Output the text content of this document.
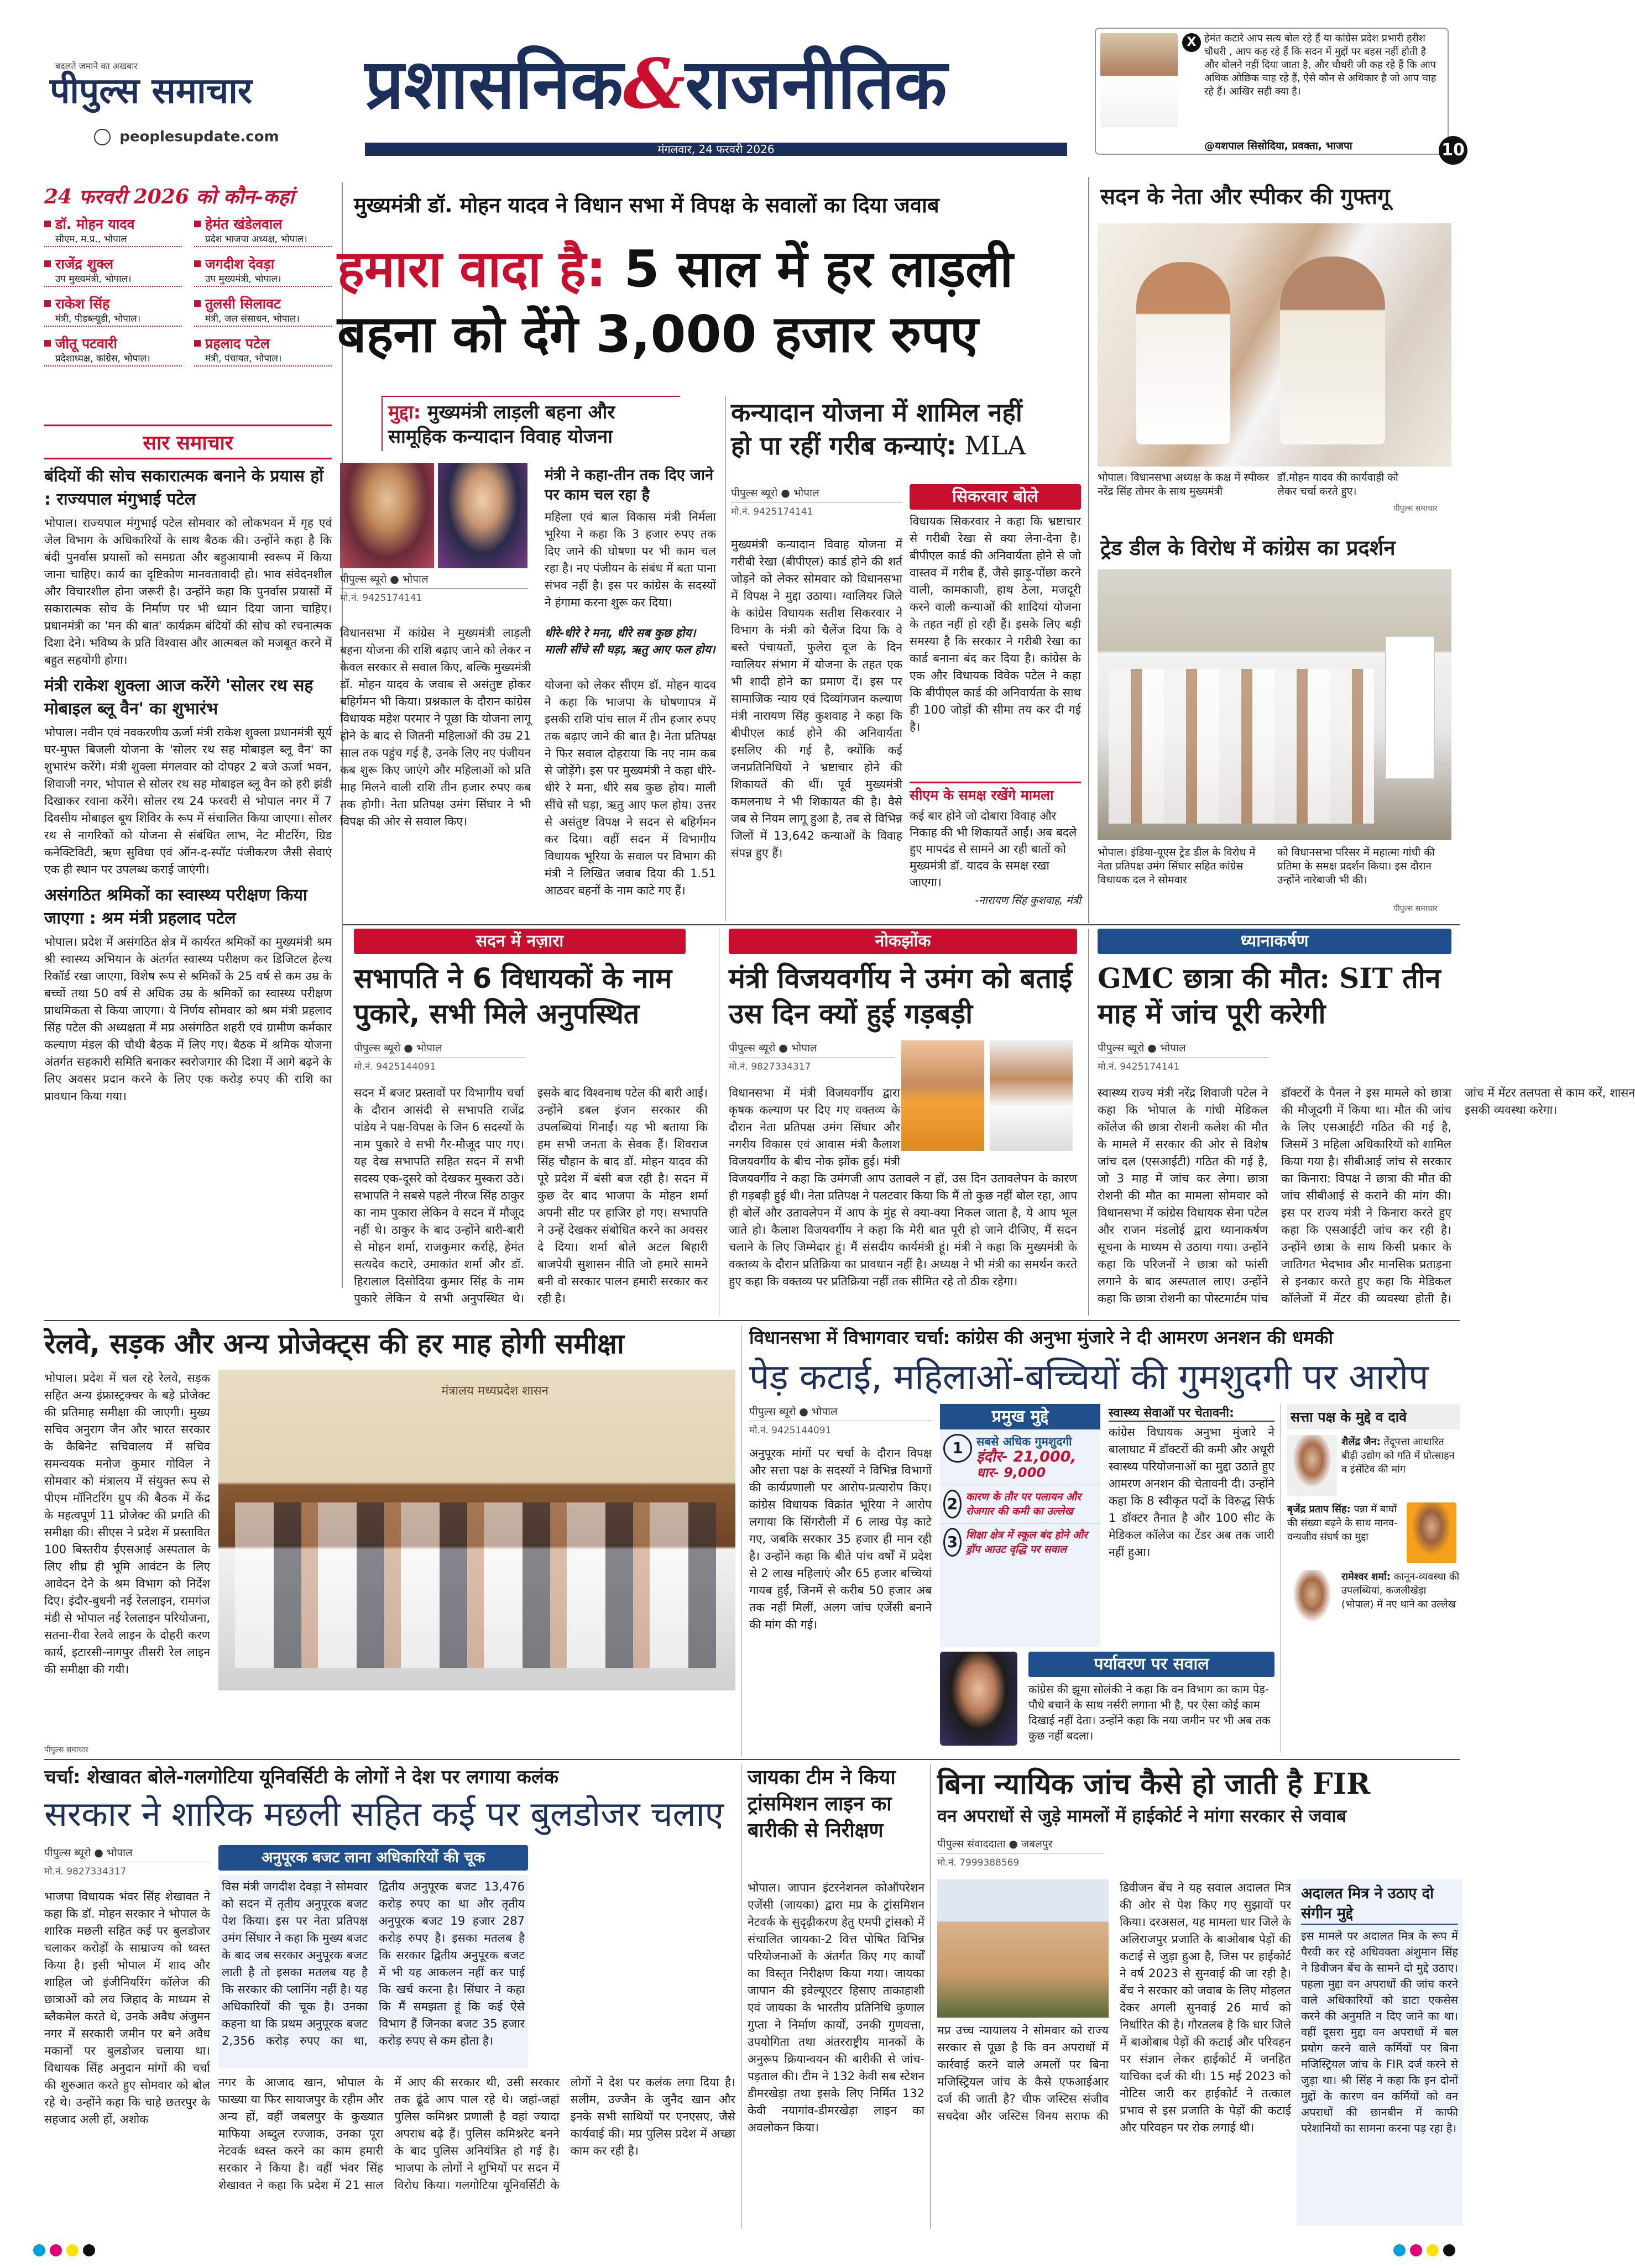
बदलते जमाने का अखबार
पीपुल्स समाचार प्रशासनिक&राजनीतिक
peoplesupdate.com
मंगलवार, 24 फरवरी 2026
X हेमंत कटारे आप सत्य बोल रहे हैं या कांग्रेस प्रदेश प्रभारी हरीश चौधरी , आप कह रहे हैं कि सदन में मुद्दों पर बहस नहीं होती है और बोलने नहीं दिया जाता है, और चौधरी जी कह रहे हैं कि आप अधिक ओछिक चाह रहे हैं, ऐसे कौन से अधिकार है जो आप चाह रहे हैं। आखिर सही क्या है।
@यशपाल सिसोदिया, प्रवक्ता, भाजपा	10
24 फरवरी 2026 को कौन-कहां
डॉ. मोहन यादव
सीएम, म.प्र., भोपाल
हेमंत खंडेलवाल
प्रदेश भाजपा अध्यक्ष, भोपाल।
राजेंद्र शुक्ल
उप मुख्यमंत्री, भोपाल।
जगदीश देवड़ा
उप मुख्यमंत्री, भोपाल।
राकेश सिंह
मंत्री, पीडब्ल्यूडी, भोपाल।
तुलसी सिलावट
मंत्री, जल संसाधन, भोपाल।
जीतू पटवारी
प्रदेशाध्यक्ष, कांग्रेस, भोपाल।
प्रहलाद पटेल
मंत्री, पंचायत, भोपाल।
सार समाचार
बंदियों की सोच सकारात्मक बनाने के प्रयास हों : राज्यपाल मंगुभाई पटेल
भोपाल। राज्यपाल मंगुभाई पटेल सोमवार को लोकभवन में गृह एवं जेल विभाग के अधिकारियों के साथ बैठक की। उन्होंने कहा है कि बंदी पुनर्वास प्रयासों को समग्रता और बहुआयामी स्वरूप में किया जाना चाहिए। कार्य का दृष्टिकोण मानवतावादी हो। भाव संवेदनशील और विचारशील होना जरूरी है। उन्होंने कहा कि पुनर्वास प्रयासों में सकारात्मक सोच के निर्माण पर भी ध्यान दिया जाना चाहिए। प्रधानमंत्री का 'मन की बात' कार्यक्रम बंदियों की सोच को रचनात्मक दिशा देने। भविष्य के प्रति विश्वास और आत्मबल को मजबूत करने में बहुत सहयोगी होगा।
मंत्री राकेश शुक्ला आज करेंगे 'सोलर रथ सह मोबाइल ब्लू वैन' का शुभारंभ
भोपाल। नवीन एवं नवकरणीय ऊर्जा मंत्री राकेश शुक्ला प्रधानमंत्री सूर्य घर-मुफ्त बिजली योजना के 'सोलर रथ सह मोबाइल ब्लू वैन' का शुभारंभ करेंगे। मंत्री शुक्ला मंगलवार को दोपहर 2 बजे ऊर्जा भवन, शिवाजी नगर, भोपाल से सोलर रथ सह मोबाइल ब्लू वैन को हरी झंडी दिखाकर रवाना करेंगे। सोलर रथ 24 फरवरी से भोपाल नगर में 7 दिवसीय मोबाइल बूथ शिविर के रूप में संचालित किया जाएगा। सोलर रथ से नागरिकों को योजना से संबंधित लाभ, नेट मीटरिंग, ग्रिड कनेक्टिविटी, ऋण सुविधा एवं ऑन-द-स्पॉट पंजीकरण जैसी सेवाएं एक ही स्थान पर उपलब्ध कराई जाएंगी।
असंगठित श्रमिकों का स्वास्थ्य परीक्षण किया जाएगा : श्रम मंत्री प्रहलाद पटेल
भोपाल। प्रदेश में असंगठित क्षेत्र में कार्यरत श्रमिकों का मुख्यमंत्री श्रम श्री स्वास्थ्य अभियान के अंतर्गत स्वास्थ्य परीक्षण कर डिजिटल हेल्थ रिकॉर्ड रखा जाएगा, विशेष रूप से श्रमिकों के 25 वर्ष से कम उम्र के बच्चों तथा 50 वर्ष से अधिक उम्र के श्रमिकों का स्वास्थ्य परीक्षण प्राथमिकता से किया जाएगा। ये निर्णय सोमवार को श्रम मंत्री प्रहलाद सिंह पटेल की अध्यक्षता में मप्र असंगठित शहरी एवं ग्रामीण कर्मकार कल्याण मंडल की चौथी बैठक में लिए गए। बैठक में श्रमिक योजना अंतर्गत सहकारी समिति बनाकर स्वरोजगार की दिशा में आगे बढ़ने के लिए अवसर प्रदान करने के लिए एक करोड़ रुपए की राशि का प्रावधान किया गया।
मुख्यमंत्री डॉ. मोहन यादव ने विधान सभा में विपक्ष के सवालों का दिया जवाब
हमारा वादा है: 5 साल में हर लाड़ली बहना को देंगे 3,000 हजार रुपए
मुद्दा: मुख्यमंत्री लाड़ली बहना और सामूहिक कन्यादान विवाह योजना
पीपुल्स ब्यूरो ● भोपाल
मो.नं. 9425174141
विधानसभा में कांग्रेस ने मुख्यमंत्री लाड़ली बहना योजना की राशि बढ़ाए जाने को लेकर न केवल सरकार से सवाल किए, बल्कि मुख्यमंत्री डॉ. मोहन यादव के जवाब से असंतुष्ट होकर बहिर्गमन भी किया। प्रश्नकाल के दौरान कांग्रेस विधायक महेश परमार ने पूछा कि योजना लागू होने के बाद से जितनी महिलाओं की उम्र 21 साल तक पहुंच गई है, उनके लिए नए पंजीयन कब शुरू किए जाएंगे और महिलाओं को प्रति माह मिलने वाली राशि तीन हजार रुपए कब तक होगी। नेता प्रतिपक्ष उमंग सिंघार ने भी विपक्ष की ओर से सवाल किए।
मंत्री ने कहा-तीन तक दिए जाने पर काम चल रहा है
महिला एवं बाल विकास मंत्री निर्मला भूरिया ने कहा कि 3 हजार रुपए तक दिए जाने की घोषणा पर भी काम चल रहा है। नए पंजीयन के संबंध में बता पाना संभव नहीं है। इस पर कांग्रेस के सदस्यों ने हंगामा करना शुरू कर दिया।
धीरे-धीरे रे मना, धीरे सब कुछ होय। माली सींचे सौ घड़ा, ऋतु आए फल होय।
योजना को लेकर सीएम डॉ. मोहन यादव ने कहा कि भाजपा के घोषणापत्र में इसकी राशि पांच साल में तीन हजार रुपए तक बढ़ाए जाने की बात है। नेता प्रतिपक्ष ने फिर सवाल दोहराया कि नए नाम कब से जोड़ेंगे। इस पर मुख्यमंत्री ने कहा धीरे-धीरे रे मना, धीरे सब कुछ होय। माली सींचे सौ घड़ा, ऋतु आए फल होय। उत्तर से असंतुष्ट विपक्ष ने सदन से बहिर्गमन कर दिया। वहीं सदन में विभागीय विधायक भूरिया के सवाल पर विभाग की मंत्री ने लिखित जवाब दिया की 1.51 आठवर बहनों के नाम काटे गए हैं।
कन्यादान योजना में शामिल नहीं
हो पा रहीं गरीब कन्याएं: MLA
पीपुल्स ब्यूरो ● भोपाल
मो.नं. 9425174141
मुख्यमंत्री कन्यादान विवाह योजना में गरीबी रेखा (बीपीएल) कार्ड होने की शर्त जोड़ने को लेकर सोमवार को विधानसभा में विपक्ष ने मुद्दा उठाया। ग्वालियर जिले के कांग्रेस विधायक सतीश सिकरवार ने विभाग के मंत्री को चैलेंज दिया कि वे बस्ते पंचायतों, फुलेरा दूज के दिन ग्वालियर संभाग में योजना के तहत एक भी शादी होने का प्रमाण दें। इस पर सामाजिक न्याय एवं दिव्यांगजन कल्याण मंत्री नारायण सिंह कुशवाह ने कहा कि बीपीएल कार्ड होने की अनिवार्यता इसलिए की गई है, क्योंकि कई जनप्रतिनिधियों ने भ्रष्टाचार होने की शिकायतें की थीं। पूर्व मुख्यमंत्री कमलनाथ ने भी शिकायत की है। वैसे जब से नियम लागू हुआ है, तब से विभिन्न जिलों में 13,642 कन्याओं के विवाह संपन्न हुए हैं।
सिकरवार बोले
विधायक सिकरवार ने कहा कि भ्रष्टाचार से गरीबी रेखा से क्या लेना-देना है। बीपीएल कार्ड की अनिवार्यता होने से जो वास्तव में गरीब हैं, जैसे झाड़ू-पोंछा करने वाली, कामकाजी, हाथ ठेला, मजदूरी करने वाली कन्याओं की शादियां योजना के तहत नहीं हो रही हैं। इसके लिए बड़ी समस्या है कि सरकार ने गरीबी रेखा का कार्ड बनाना बंद कर दिया है। कांग्रेस के एक और विधायक विवेक पटेल ने कहा कि बीपीएल कार्ड की अनिवार्यता के साथ ही 100 जोड़ों की सीमा तय कर दी गई है।
सीएम के समक्ष रखेंगे मामला
कई बार होने जो दोबारा विवाह और निकाह की भी शिकायतें आईं। अब बदले हुए मापदंड से सामने आ रही बातों को मुख्यमंत्री डॉ. यादव के समक्ष रखा जाएगा।
-नारायण सिंह कुशवाह, मंत्री
सदन के नेता और स्पीकर की गुफ्तगू
भोपाल। विधानसभा अध्यक्ष के कक्ष में स्पीकर नरेंद्र सिंह तोमर के साथ मुख्यमंत्री
डॉ.मोहन यादव की कार्यवाही को लेकर चर्चा करते हुए।
पीपुल्स समाचार
ट्रेड डील के विरोध में कांग्रेस का प्रदर्शन
भोपाल। इंडिया-यूएस ट्रेड डील के विरोध में नेता प्रतिपक्ष उमंग सिंघार सहित कांग्रेस विधायक दल ने सोमवार
को विधानसभा परिसर में महात्मा गांधी की प्रतिमा के समक्ष प्रदर्शन किया। इस दौरान उन्होंने नारेबाजी भी की।
पीपुल्स समाचार
सदन में नज़ारा
सभापति ने 6 विधायकों के नाम पुकारे, सभी मिले अनुपस्थित
पीपुल्स ब्यूरो ● भोपाल
मो.नं. 9425144091
सदन में बजट प्रस्तावों पर विभागीय चर्चा के दौरान आसंदी से सभापति राजेंद्र पांडेय ने पक्ष-विपक्ष के जिन 6 सदस्यों के नाम पुकारे वे सभी गैर-मौजूद पाए गए। यह देख सभापति सहित सदन में सभी सदस्य एक-दूसरे को देखकर मुस्करा उठे। सभापति ने सबसे पहले नीरज सिंह ठाकुर का नाम पुकारा लेकिन वे सदन में मौजूद नहीं थे। ठाकुर के बाद उन्होंने बारी-बारी से मोहन शर्मा, राजकुमार कर्राहे, हेमंत सत्यदेव कटारे, उमाकांत शर्मा और डॉ. हिरालाल दिसोदिया कुमार सिंह के नाम पुकारे लेकिन ये सभी अनुपस्थित थे। इसके बाद विश्वनाथ पटेल की बारी आई। उन्होंने डबल इंजन सरकार की उपलब्धियां गिनाईं। यह भी बताया कि हम सभी जनता के सेवक हैं। शिवराज सिंह चौहान के बाद डॉ. मोहन यादव की पूरे प्रदेश में बंसी बज रही है। सदन में कुछ देर बाद भाजपा के मोहन शर्मा अपनी सीट पर हाजिर हो गए। सभापति ने उन्हें देखकर संबोधित करने का अवसर दे दिया। शर्मा बोले अटल बिहारी बाजपेयी सुशासन नीति जो हमारे सामने बनी वो सरकार पालन हमारी सरकार कर रही है।
नोकझोंक
मंत्री विजयवर्गीय ने उमंग को बताई उस दिन क्यों हुई गड़बड़ी
पीपुल्स ब्यूरो ● भोपाल
मो.नं. 9827334317
विधानसभा में मंत्री विजयवर्गीय द्वारा कृषक कल्याण पर दिए गए वक्तव्य के दौरान नेता प्रतिपक्ष उमंग सिंघार और नगरीय विकास एवं आवास मंत्री कैलाश विजयवर्गीय के बीच नोक झोंक हुई। मंत्री विजयवर्गीय ने कहा कि उमंगजी आप उतावले न हों, उस दिन उतावलेपन के कारण ही गड़बड़ी हुई थी। नेता प्रतिपक्ष ने पलटवार किया कि मैं तो कुछ नहीं बोल रहा, आप ही बोलें और उतावलेपन में आप के मुंह से क्या-क्या निकल जाता है, ये आप भूल जाते हो। कैलाश विजयवर्गीय ने कहा कि मेरी बात पूरी हो जाने दीजिए, मैं सदन चलाने के लिए जिम्मेदार हूं। मैं संसदीय कार्यमंत्री हूं। मंत्री ने कहा कि मुख्यमंत्री के वक्तव्य के दौरान प्रतिक्रिया का प्रावधान नहीं है। अध्यक्ष ने भी मंत्री का समर्थन करते हुए कहा कि वक्तव्य पर प्रतिक्रिया नहीं तक सीमित रहे तो ठीक रहेगा।
ध्यानाकर्षण
GMC छात्रा की मौत: SIT तीन माह में जांच पूरी करेगी
पीपुल्स ब्यूरो ● भोपाल
मो.नं. 9425174141
स्वास्थ्य राज्य मंत्री नरेंद्र शिवाजी पटेल ने कहा कि भोपाल के गांधी मेडिकल कॉलेज की छात्रा रोशनी कलेश की मौत के मामले में सरकार की ओर से विशेष जांच दल (एसआईटी) गठित की गई है, जो 3 माह में जांच कर लेगा। छात्रा रोशनी की मौत का मामला सोमवार को विधानसभा में कांग्रेस विधायक सेना पटेल और राजन मंडलोई द्वारा ध्यानाकर्षण सूचना के माध्यम से उठाया गया। उन्होंने कहा कि परिजनों ने छात्रा को फांसी लगाने के बाद अस्पताल लाए। उन्होंने कहा कि छात्रा रोशनी का पोस्टमार्टम पांच डॉक्टरों के पैनल ने इस मामले को छात्रा की मौजूदगी में किया था। मौत की जांच के लिए एसआईटी गठित की गई है, जिसमें 3 महिला अधिकारियों को शामिल किया गया है। सीबीआई जांच से सरकार का किनारा: विपक्ष ने छात्रा की मौत की जांच सीबीआई से कराने की मांग की। इस पर राज्य मंत्री ने किनारा करते हुए कहा कि एसआईटी जांच कर रही है। उन्होंने छात्रा के साथ किसी प्रकार के जातिगत भेदभाव और मानसिक प्रताड़ना से इनकार करते हुए कहा कि मेडिकल कॉलेजों में मेंटर की व्यवस्था होती है। जांच में मेंटर तलपता से काम करें, शासन इसकी व्यवस्था करेगा।
रेलवे, सड़क और अन्य प्रोजेक्ट्स की हर माह होगी समीक्षा
भोपाल। प्रदेश में चल रहे रेलवे, सड़क सहित अन्य इंफ्रास्ट्रक्चर के बड़े प्रोजेक्ट की प्रतिमाह समीक्षा की जाएगी। मुख्य सचिव अनुराग जैन और भारत सरकार के कैबिनेट सचिवालय में सचिव समन्वयक मनोज कुमार गोविल ने सोमवार को मंत्रालय में संयुक्त रूप से पीएम मॉनिटरिंग ग्रुप की बैठक में केंद्र के महत्वपूर्ण 11 प्रोजेक्ट की प्रगति की समीक्षा की। सीएस ने प्रदेश में प्रस्तावित 100 बिस्तरीय ईएसआई अस्पताल के लिए शीघ्र ही भूमि आवंटन के लिए आवेदन देने के श्रम विभाग को निर्देश दिए। इंदौर-बुधनी नई रेललाइन, रामगंज मंडी से भोपाल नई रेललाइन परियोजना, सतना-रीवा रेलवे लाइन के दोहरी करण कार्य, इटारसी-नागपुर तीसरी रेल लाइन की समीक्षा की गयी।
मंत्रालय मध्यप्रदेश शासन
पीपुल्स समाचार
विधानसभा में विभागवार चर्चा: कांग्रेस की अनुभा मुंजारे ने दी आमरण अनशन की धमकी
पेड़ कटाई, महिलाओं-बच्चियों की गुमशुदगी पर आरोप
पीपुल्स ब्यूरो ● भोपाल
मो.नं. 9425144091
अनुपूरक मांगों पर चर्चा के दौरान विपक्ष और सत्ता पक्ष के सदस्यों ने विभिन्न विभागों की कार्यप्रणाली पर आरोप-प्रत्यारोप किए। कांग्रेस विधायक विक्रांत भूरिया ने आरोप लगाया कि सिंगरौली में 6 लाख पेड़ काटे गए, जबकि सरकार 35 हजार ही मान रही है। उन्होंने कहा कि बीते पांच वर्षों में प्रदेश से 2 लाख महिलाएं और 65 हजार बच्चियां गायब हुईं, जिनमें से करीब 50 हजार अब तक नहीं मिलीं, अलग जांच एजेंसी बनाने की मांग की गई।
प्रमुख मुद्दे
1	सबसे अधिक गुमशुदगी
इंदौर- 21,000,
धार- 9,000
2 कारण के तौर पर पलायन और रोजगार की कमी का उल्लेख
3 शिक्षा क्षेत्र में स्कूल बंद होने और ड्रॉप आउट वृद्धि पर सवाल
स्वास्थ्य सेवाओं पर चेतावनी:
कांग्रेस विधायक अनुभा मुंजारे ने बालाघाट में डॉक्टरों की कमी और अधूरी स्वास्थ्य परियोजनाओं का मुद्दा उठाते हुए आमरण अनशन की चेतावनी दी। उन्होंने कहा कि 8 स्वीकृत पदों के विरुद्ध सिर्फ 1 डॉक्टर तैनात है और 100 सीट के मेडिकल कॉलेज का टेंडर अब तक जारी नहीं हुआ।
पर्यावरण पर सवाल
कांग्रेस की झूमा सोलंकी ने कहा कि वन विभाग का काम पेड़-पौधे बचाने के साथ नर्सरी लगाना भी है, पर ऐसा कोई काम दिखाई नहीं देता। उन्होंने कहा कि नया जमीन पर भी अब तक कुछ नहीं बदला।
सत्ता पक्ष के मुद्दे व दावे
शैलेंद्र जैन: तेंदूपत्ता आधारित बीड़ी उद्योग को गति में प्रोत्साहन व इंसेंटिव की मांग
बृजेंद्र प्रताप सिंह: पन्ना में बाघों की संख्या बढ़ने के साथ मानव-वन्यजीव संघर्ष का मुद्दा
रामेश्वर शर्मा: कानून-व्यवस्था की उपलब्धियां, कजलीखेड़ा (भोपाल) में नए थाने का उल्लेख
चर्चा: शेखावत बोले-गलगोटिया यूनिवर्सिटी के लोगों ने देश पर लगाया कलंक
सरकार ने शारिक मछली सहित कई पर बुलडोजर चलाए
पीपुल्स ब्यूरो ● भोपाल
मो.नं. 9827334317
भाजपा विधायक भंवर सिंह शेखावत ने कहा कि डॉ. मोहन सरकार ने भोपाल के शारिक मछली सहित कई पर बुलडोजर चलाकर करोड़ों के साम्राज्य को ध्वस्त किया है। इसी भोपाल में शाद और शाहिल जो इंजीनियरिंग कॉलेज की छात्राओं को लव जिहाद के माध्यम से ब्लैकमेल करते थे, उनके अवैध अंजुमन नगर में सरकारी जमीन पर बने अवैध मकानों पर बुलडोजर चलाया था। विधायक सिंह अनुदान मांगों की चर्चा की शुरुआत करते हुए सोमवार को बोल रहे थे। उन्होंने कहा कि चाहे छतरपुर के सहजाद अली हों, अशोक
अनुपूरक बजट लाना अधिकारियों की चूक
विस मंत्री जगदीश देवड़ा ने सोमवार को सदन में तृतीय अनुपूरक बजट पेश किया। इस पर नेता प्रतिपक्ष उमंग सिंघार ने कहा कि मुख्य बजट के बाद जब सरकार अनुपूरक बजट लाती है तो इसका मतलब यह है कि सरकार की प्लानिंग नहीं है। यह अधिकारियों की चूक है। उनका कहना था कि प्रथम अनुपूरक बजट 2,356 करोड़ रुपए का था, द्वितीय अनुपूरक बजट 13,476 करोड़ रुपए का था और तृतीय अनुपूरक बजट 19 हजार 287 करोड़ रुपए है। इसका मतलब है कि सरकार द्वितीय अनुपूरक बजट में भी यह आकलन नहीं कर पाई कि खर्च करना है। सिंघार ने कहा कि मैं समझता हूं कि कई ऐसे विभाग हैं जिनका बजट 35 हजार करोड़ रुपए से कम होता है।
नगर के आजाद खान, भोपाल के फाख्या या फिर सायाजपुर के रहीम और अन्य हों, वहीं जबलपुर के कुख्यात माफिया अब्दुल रज्जाक, उनका पूरा नेटवर्क ध्वस्त करने का काम हमारी सरकार ने किया है। वहीं भंवर सिंह शेखावत ने कहा कि प्रदेश में 21 साल में आए की सरकार थी, उसी सरकार तक ढूंढे आप पाल रहे थे। जहां-जहां पुलिस कमिश्नर प्रणाली है वहां ज्यादा अपराध बढ़े हैं। पुलिस कमिश्नरेट बनने के बाद पुलिस अनियंत्रित हो गई है। भाजपा के लोगों ने शुभियों पर सदन में विरोध किया। गलगोटिया यूनिवर्सिटी के लोगों ने देश पर कलंक लगा दिया है। सलीम, उज्जैन के जुनैद खान और इनके सभी साथियों पर एनएसए, जैसे कार्यवाई की। मप्र पुलिस प्रदेश में अच्छा काम कर रही है।
जायका टीम ने किया ट्रांसमिशन लाइन का बारीकी से निरीक्षण
भोपाल। जापान इंटरनेशनल कोऑपरेशन एजेंसी (जायका) द्वारा मप्र के ट्रांसमिशन नेटवर्क के सुदृढ़ीकरण हेतु एमपी ट्रांसको में संचालित जायका-2 वित्त पोषित विभिन्न परियोजनाओं के अंतर्गत किए गए कार्यों का विस्तृत निरीक्षण किया गया। जायका जापान की इवेल्यूएटर हिसाए ताकाहाशी एवं जायका के भारतीय प्रतिनिधि कुणाल गुप्ता ने निर्माण कार्यों, उनकी गुणवत्ता, उपयोगिता तथा अंतरराष्ट्रीय मानकों के अनुरूप क्रियान्वयन की बारीकी से जांच-पड़ताल की। टीम ने 132 केवी सब स्टेशन डीमरखेड़ा तथा इसके लिए निर्मित 132 केवी नयागांव-डीमरखेड़ा लाइन का अवलोकन किया।
बिना न्यायिक जांच कैसे हो जाती है FIR
वन अपराधों से जुड़े मामलों में हाईकोर्ट ने मांगा सरकार से जवाब
पीपुल्स संवाददाता ● जबलपुर
मो.नं. 7999388569
मप्र उच्च न्यायालय ने सोमवार को राज्य सरकार से पूछा है कि वन अपराधों में कार्रवाई करने वाले अमलों पर बिना मजिस्ट्रियल जांच के कैसे एफआईआर दर्ज की जाती है? चीफ जस्टिस संजीव सचदेवा और जस्टिस विनय सराफ की डिवीजन बेंच ने यह सवाल अदालत मित्र की ओर से पेश किए गए सुझावों पर किया। दरअसल, यह मामला धार जिले के अलिराजपुर प्रजाति के बाओबाब पेड़ों की कटाई से जुड़ा हुआ है, जिस पर हाईकोर्ट ने वर्ष 2023 से सुनवाई की जा रही है। बेंच ने सरकार को जवाब के लिए मोहलत देकर अगली सुनवाई 26 मार्च को निर्धारित की है। गौरतलब है कि धार जिले में बाओबाब पेड़ों की कटाई और परिवहन पर संज्ञान लेकर हाईकोर्ट में जनहित याचिका दर्ज की थी। 15 मई 2023 को नोटिस जारी कर हाईकोर्ट ने तत्काल प्रभाव से इस प्रजाति के पेड़ों की कटाई और परिवहन पर रोक लगाई थी।
अदालत मित्र ने उठाए दो संगीन मुद्दे
इस मामले पर अदालत मित्र के रूप में पैरवी कर रहे अधिवक्ता अंशुमान सिंह ने डिवीजन बेंच के सामने दो मुद्दे उठाए। पहला मुद्दा वन अपराधों की जांच करने वाले अधिकारियों को डाटा एकसेस करने की अनुमति न दिए जाने का था। वहीं दूसरा मुद्दा वन अपराधों में बल प्रयोग करने वाले कर्मियों पर बिना मजिस्ट्रियल जांच के FIR दर्ज करने से जुड़ा था। श्री सिंह ने कहा कि इन दोनों मुद्दों के कारण वन कर्मियों को वन अपराधों की छानबीन में काफी परेशानियों का सामना करना पड़ रहा है।
